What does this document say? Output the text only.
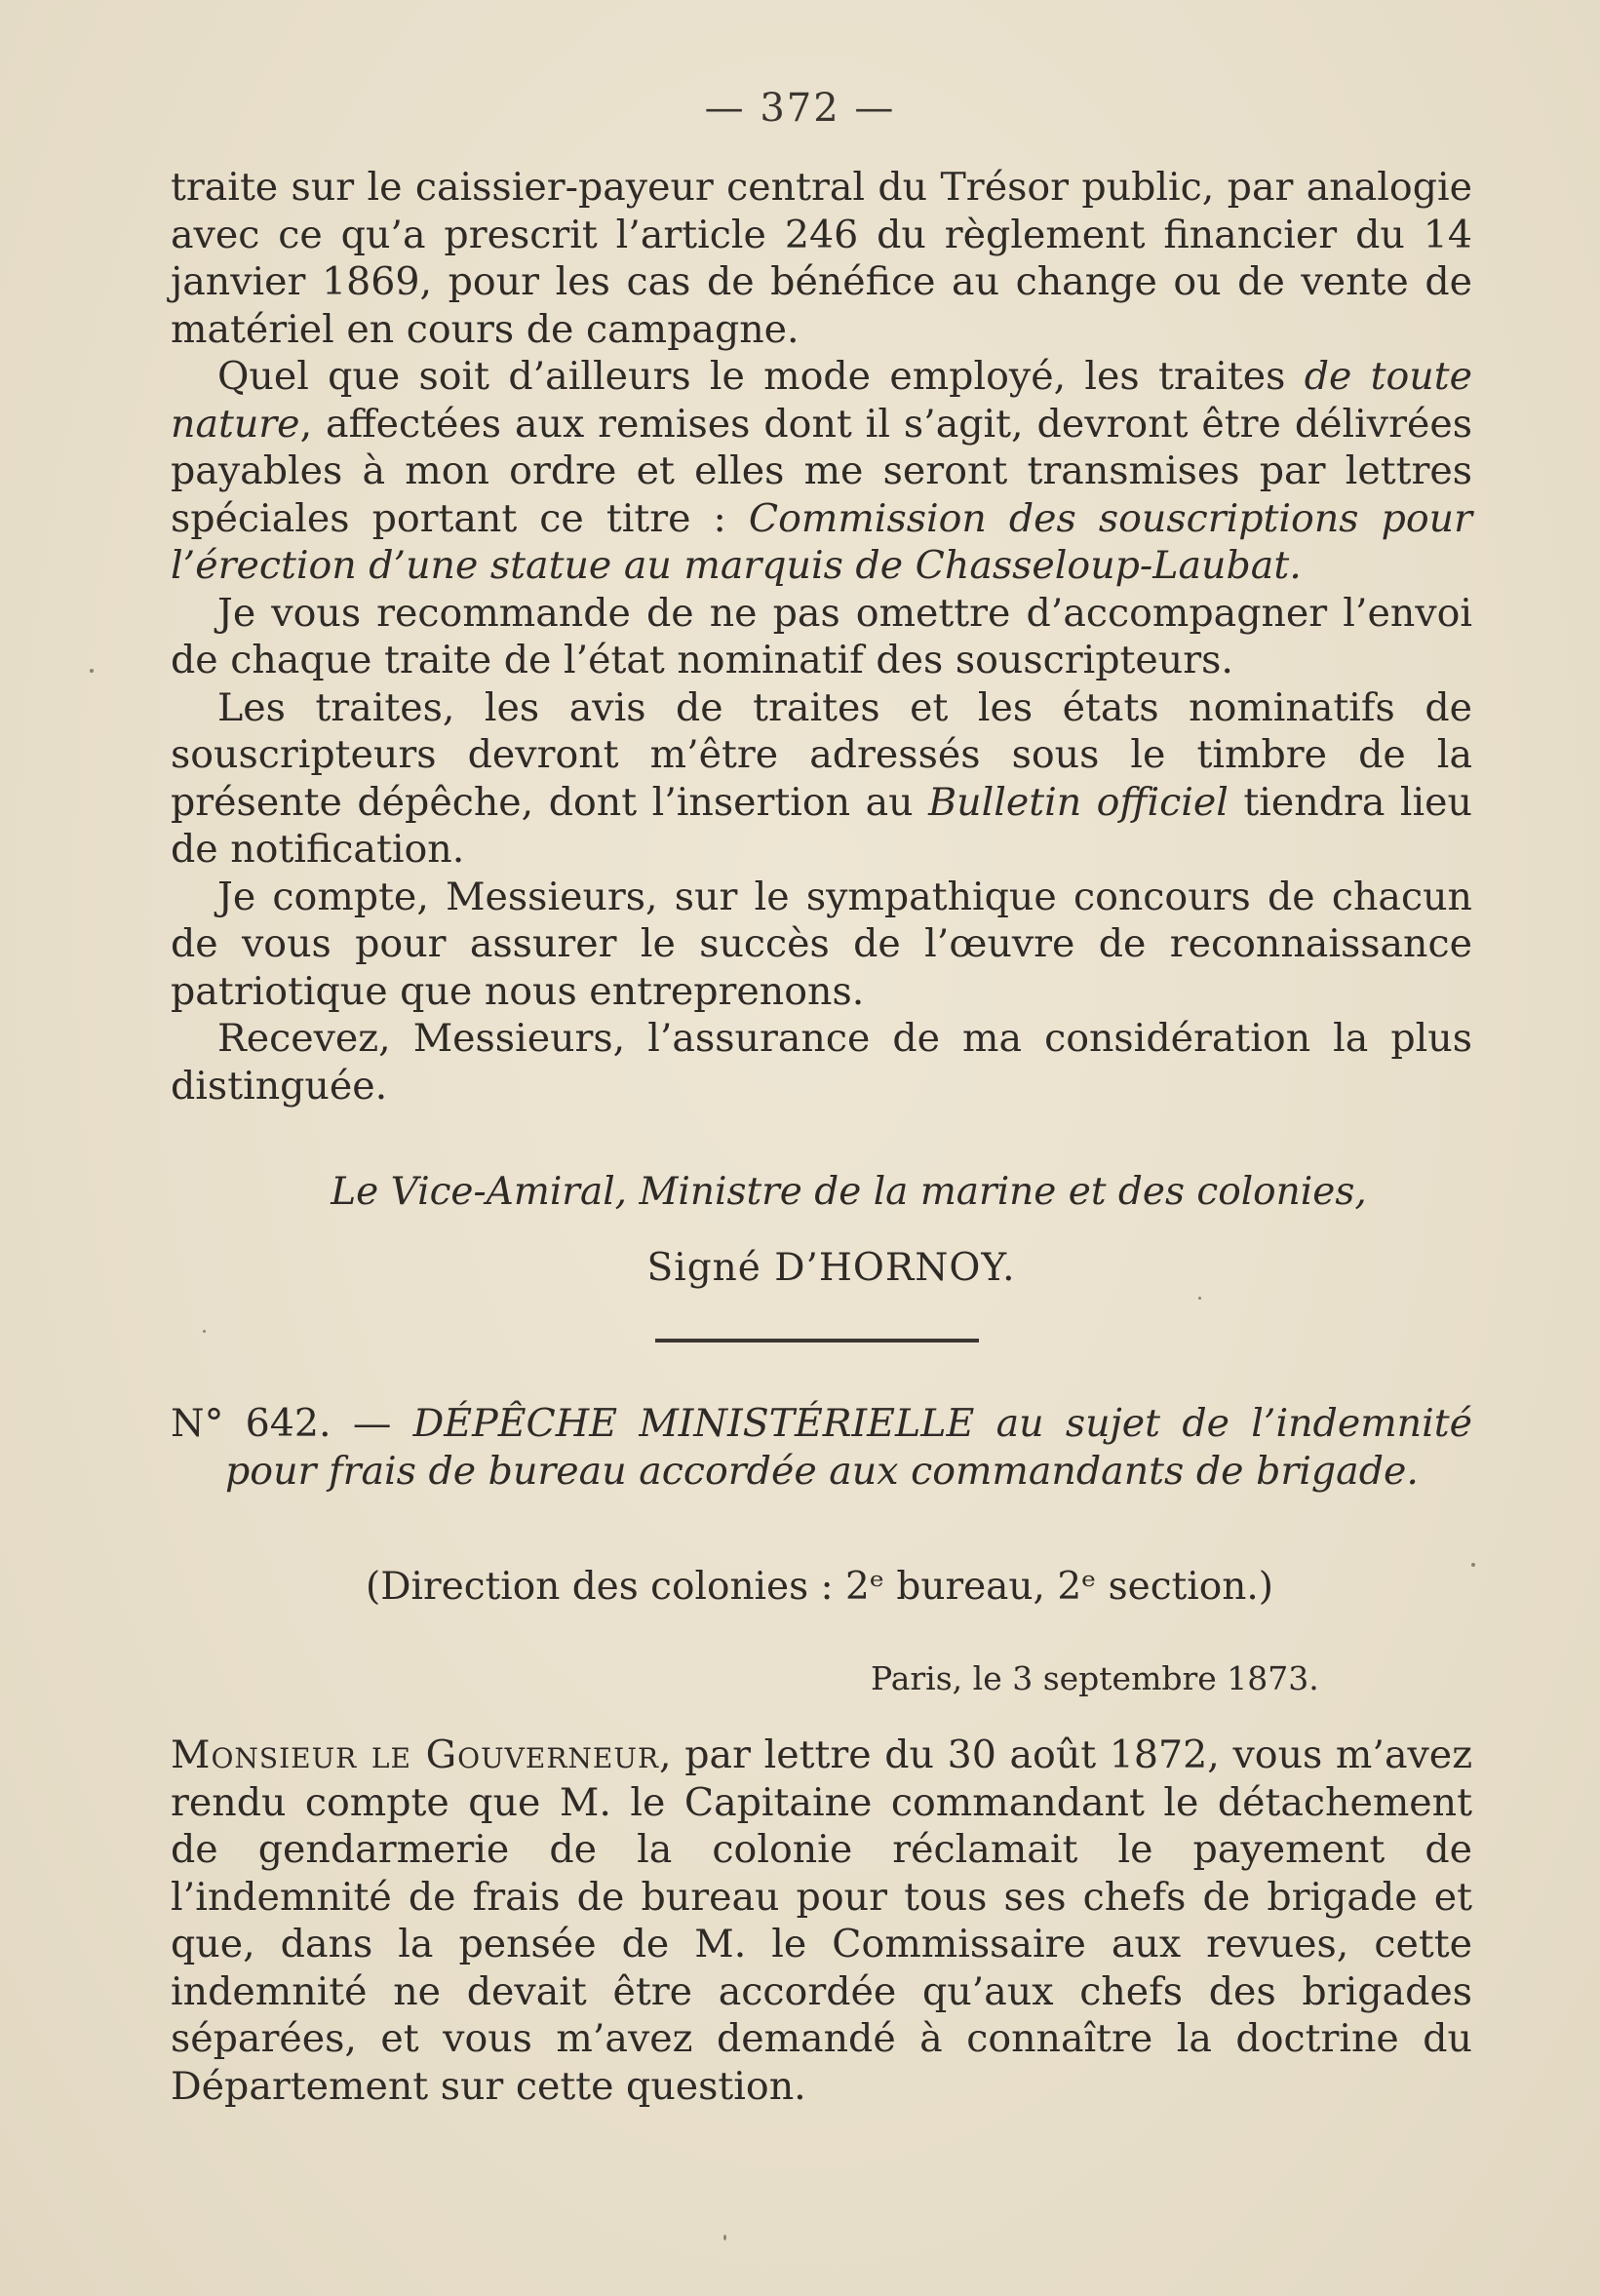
— 372 —

traite sur le caissier-payeur central du Trésor public, par analogie avec ce qu’a prescrit l’article 246 du règlement financier du 14 janvier 1869, pour les cas de bénéfice au change ou de vente de matériel en cours de campagne.

Quel que soit d’ailleurs le mode employé, les traites de toute nature, affectées aux remises dont il s’agit, devront être délivrées payables à mon ordre et elles me seront transmises par lettres spéciales portant ce titre : Commission des souscriptions pour l’érection d’une statue au marquis de Chasseloup-Laubat.

Je vous recommande de ne pas omettre d’accompagner l’envoi de chaque traite de l’état nominatif des souscripteurs.

Les traites, les avis de traites et les états nominatifs de souscripteurs devront m’être adressés sous le timbre de la présente dépêche, dont l’insertion au Bulletin officiel tiendra lieu de notification.

Je compte, Messieurs, sur le sympathique concours de chacun de vous pour assurer le succès de l’œuvre de reconnaissance patriotique que nous entreprenons.

Recevez, Messieurs, l’assurance de ma considération la plus distinguée.

Le Vice-Amiral, Ministre de la marine et des colonies,
Signé D’HORNOY.
N° 642. — DÉPÊCHE MINISTÉRIELLE au sujet de l’indemnité pour frais de bureau accordée aux commandants de brigade.
(Direction des colonies : 2ᵉ bureau, 2ᵉ section.)
Paris, le 3 septembre 1873.

Monsieur le Gouverneur, par lettre du 30 août 1872, vous m’avez rendu compte que M. le Capitaine commandant le détachement de gendarmerie de la colonie réclamait le payement de l’indemnité de frais de bureau pour tous ses chefs de brigade et que, dans la pensée de M. le Commissaire aux revues, cette indemnité ne devait être accordée qu’aux chefs des brigades séparées, et vous m’avez demandé à connaître la doctrine du Département sur cette question.
